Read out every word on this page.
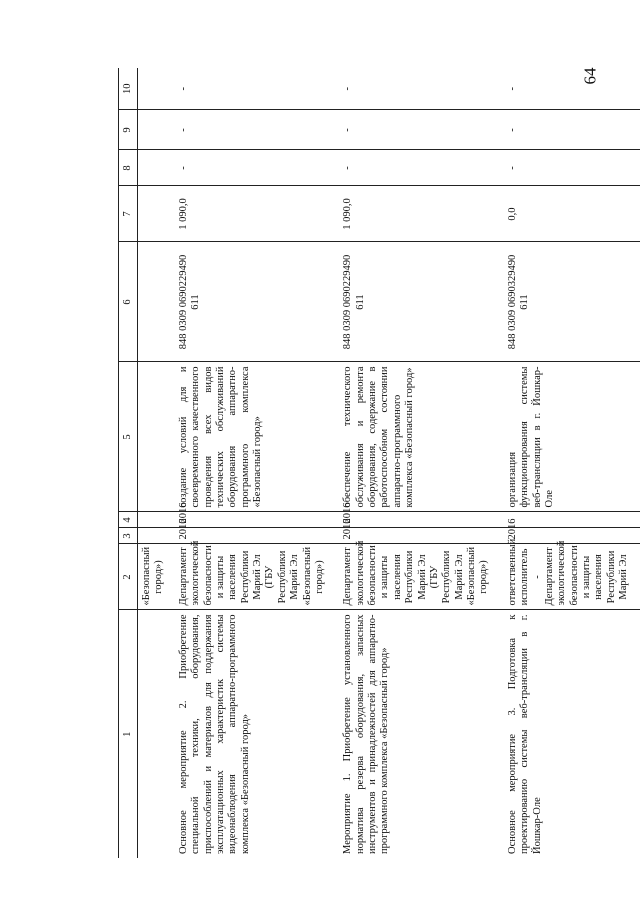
64
1	2	3	4	5	6	7	8	9	10
	«Безопасный город»)								
Основное мероприятие 2. Приобретение специальной техники, оборудования, приспособлений и материалов для поддержания эксплуатационных характеристик системы видеонаблюдения аппаратно-программного комплекса «Безопасный город»	Департамент экологической безопасности и защиты населения Республики Марий Эл (ГБУ Республики Марий Эл «Безопасный город»)	2016	2016	создание условий для и своевременного качественного проведения всех видов технических обслуживаний оборудования аппаратно-программного комплекса «Безопасный город»	848 0309 0690229490 611	1 090,0	-	-	-
Мероприятие 1. Приобретение установленного норматива резерва оборудования, запасных инструментов и принадлежностей для аппаратно-программного комплекса «Безопасный город»	Департамент экологической безопасности и защиты населения Республики Марий Эл (ГБУ Республики Марий Эл «Безопасный город»)	2016	2016	обеспечение технического обслуживания и ремонта оборудования, содержание в работоспособном состоянии аппаратно-программного комплекса «Безопасный город»	848 0309 0690229490 611	1 090,0	-	-	-
Основное мероприятие 3. Подготовка к проектированию системы веб-трансляции в г. Йошкар-Оле	ответственный исполнитель - Департамент экологической безопасности и защиты населения Республики Марий Эл	2016		организация функционирования системы веб-трансляции в г. Йошкар-Оле	848 0309 0690329490 611	0,0	-	-	-
